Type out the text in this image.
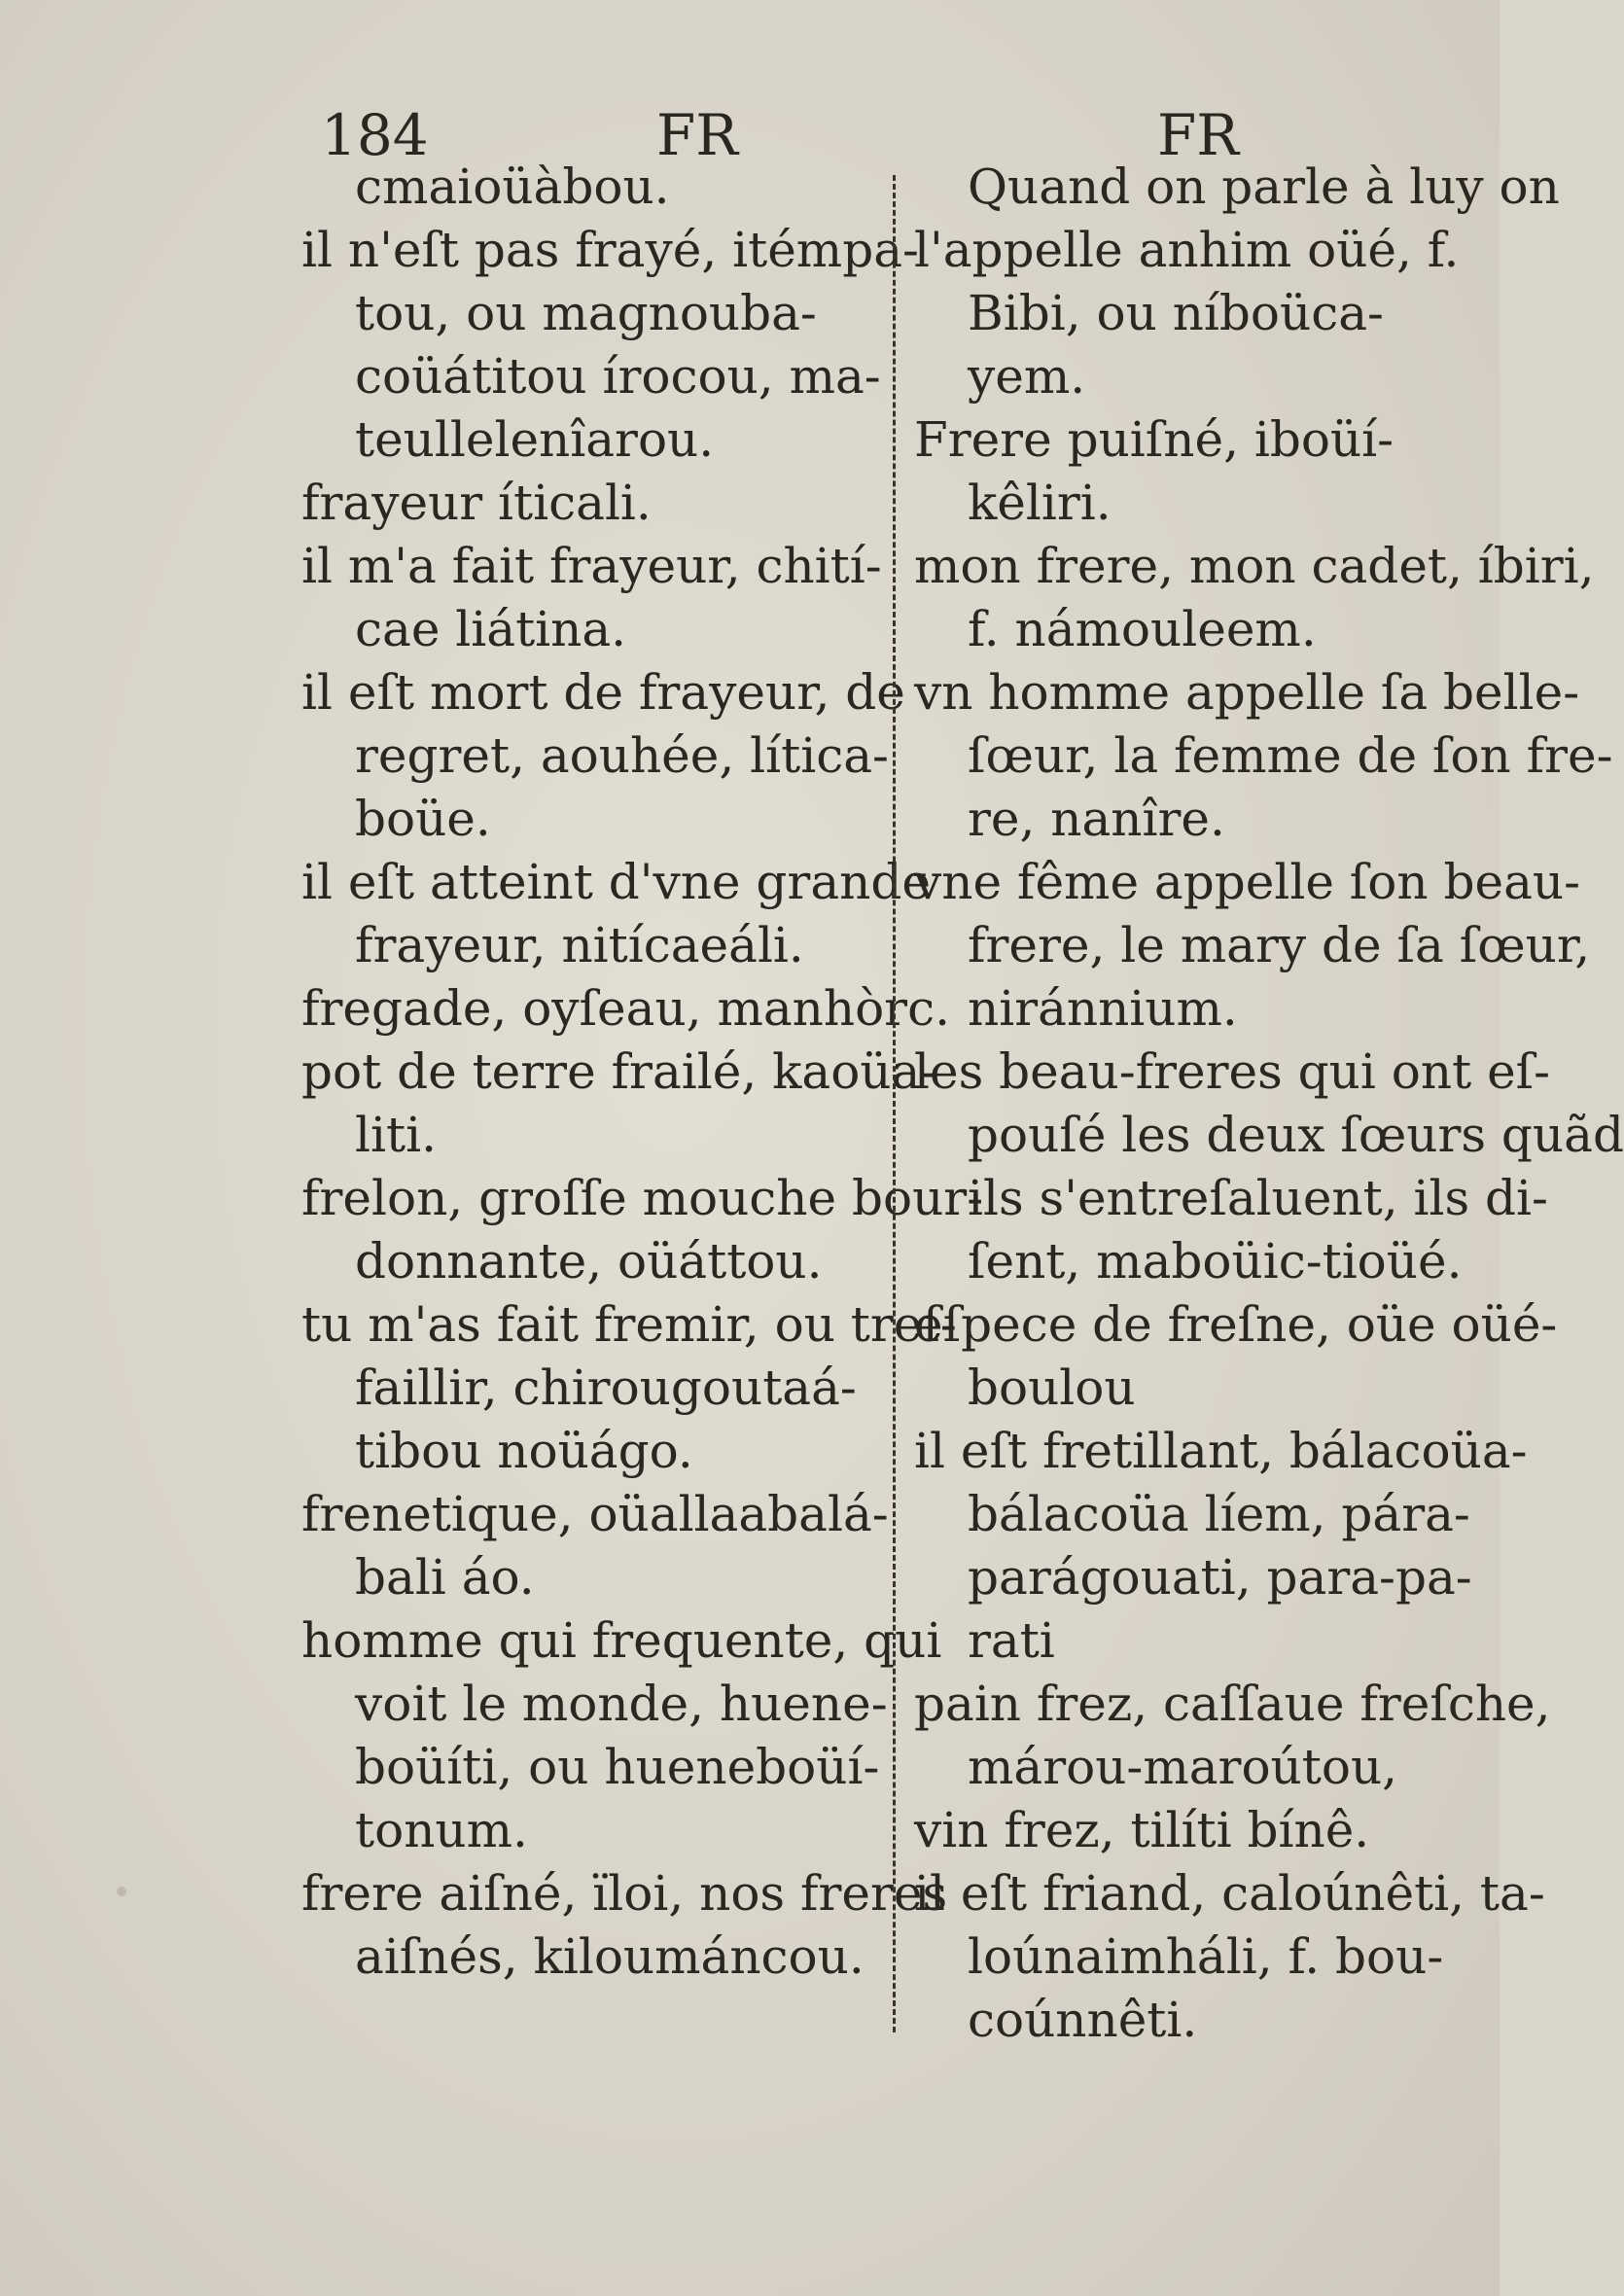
184	FR	FR
cmaioüàbou.
il n'eſt pas frayé, itémpa-
tou, ou magnouba-
coüátitou írocou, ma-
teullelenîarou.
frayeur íticali.
il m'a fait frayeur, chití-
cae liátina.
il eſt mort de frayeur, de
regret, aouhée, lítica-
boüe.
il eſt atteint d'vne grande
frayeur, nitícaeáli.
fregade, oyſeau, manhòrc.
pot de terre frailé, kaoüa-
liti.
frelon, groſſe mouche bour-
donnante, oüáttou.
tu m'as fait fremir, ou treſ-
faillir, chirougoutaá-
tibou noüágo.
frenetique, oüallaabalá-
bali áo.
homme qui frequente, qui
voit le monde, huene-
boüíti, ou hueneboüí-
tonum.
frere aiſné, ïloi, nos freres
aiſnés, kiloumáncou.
Quand on parle à luy on
l'appelle anhim oüé, f.
Bibi, ou níboüca-
yem.
Frere puiſné, iboüí-
kêliri.
mon frere, mon cadet, íbiri,
f. námouleem.
vn homme appelle ſa belle-
ſœur, la femme de ſon fre-
re, nanîre.
vne fême appelle ſon beau-
frere, le mary de ſa ſœur,
niránnium.
les beau-freres qui ont eſ-
pouſé les deux ſœurs quãd
ils s'entreſaluent, ils di-
ſent, maboüic-tioüé.
eſpece de freſne, oüe oüé-
boulou
il eſt fretillant, bálacoüa-
bálacoüa líem, pára-
parágouati, para-pa-
rati
pain frez, caſſaue freſche,
márou-maroútou,
vin frez, tilíti bínê.
il eſt friand, caloúnêti, ta-
loúnaimháli, f. bou-
coúnnêti.
